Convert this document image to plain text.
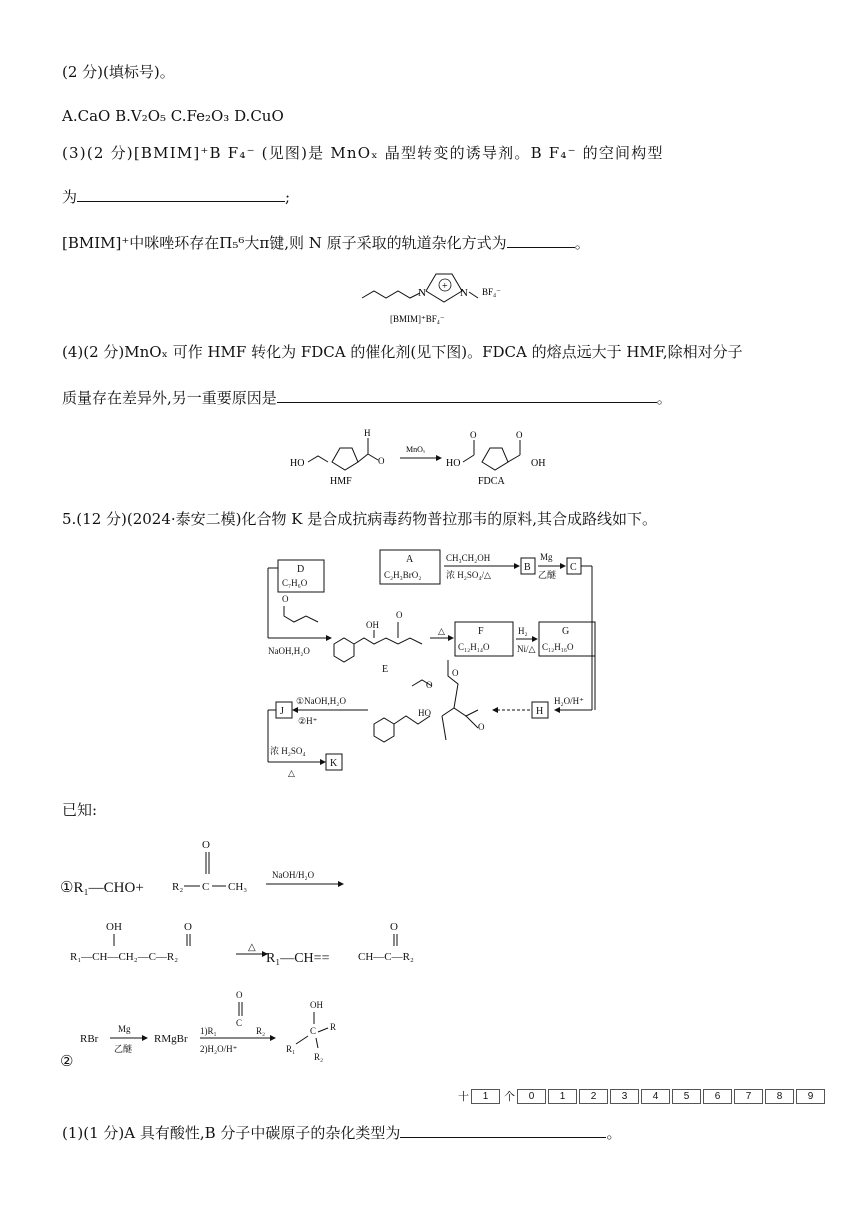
(2 分)(填标号)。
A.CaO B.V₂O₅ C.Fe₂O₃ D.CuO
(3)(2 分)[BMIM]⁺B F₄⁻ (见图)是 MnOₓ 晶型转变的诱导剂。B F₄⁻ 的空间构型
为	;
[BMIM]⁺中咪唑环存在Π₅⁶大π键,则 N 原子采取的轨道杂化方式为	。
+
N	N BF₄⁻
[BMIM]⁺BF₄⁻
(4)(2 分)MnOₓ 可作 HMF 转化为 FDCA 的催化剂(见下图)。FDCA 的熔点远大于 HMF,除相对分子
质量存在差异外,另一重要原因是	。
HO
H
O
HMF
MnOₓ
HO
O	O
OH
FDCA
5.(12 分)(2024·泰安二模)化合物 K 是合成抗病毒药物普拉那韦的原料,其合成路线如下。
A
C₂H₃BrO₂
CH₃CH₂OH
浓 H₂SO₄/△
B
Mg
乙醚
C
D
C₇H₆O
O
NaOH,H₂O
OH
O
E
△	F
C₁₂H₁₄O
H₂
Ni/△
G
C₁₂H₁₆O
H₂O/H⁺
H
HO
O
O
O
J
①NaOH,H₂O
②H⁺
浓 H₂SO₄
△
K
已知:
①R₁—CHO+
O
R₂ C CH₃
NaOH/H₂O
OH	O
R₁—CH—CH₂—C—R₂
△
R₁—CH==
O
CH—C—R₂
②
RBr
Mg
乙醚
RMgBr
O
C
1)R₁	R₂
2)H₂O/H⁺
OH
C R
R₁
R₂
十	1	个	0	1	2	3	4	5	6	7	8	9
(1)(1 分)A 具有酸性,B 分子中碳原子的杂化类型为	。
